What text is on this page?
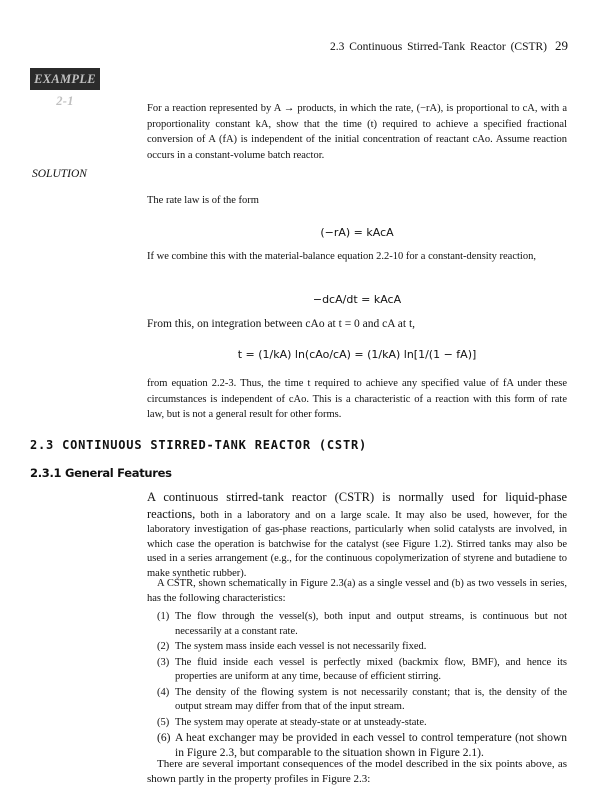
2.3 Continuous Stirred-Tank Reactor (CSTR) 29
EXAMPLE 2-1
For a reaction represented by A → products, in which the rate, (−rA), is proportional to cA, with a proportionality constant kA, show that the time (t) required to achieve a specified fractional conversion of A (fA) is independent of the initial concentration of reactant cAo. Assume reaction occurs in a constant-volume batch reactor.
SOLUTION
The rate law is of the form
(−rA) = kAcA
If we combine this with the material-balance equation 2.2-10 for a constant-density reaction,
−dcA/dt = kAcA
From this, on integration between cAo at t = 0 and cA at t,
t = (1/kA) ln(cAo/cA) = (1/kA) ln[1/(1 − fA)]
from equation 2.2-3. Thus, the time t required to achieve any specified value of fA under these circumstances is independent of cAo. This is a characteristic of a reaction with this form of rate law, but is not a general result for other forms.
2.3 CONTINUOUS STIRRED-TANK REACTOR (CSTR)
2.3.1 General Features
A continuous stirred-tank reactor (CSTR) is normally used for liquid-phase reactions, both in a laboratory and on a large scale. It may also be used, however, for the laboratory investigation of gas-phase reactions, particularly when solid catalysts are involved, in which case the operation is batchwise for the catalyst (see Figure 1.2). Stirred tanks may also be used in a series arrangement (e.g., for the continuous copolymerization of styrene and butadiene to make synthetic rubber).
A CSTR, shown schematically in Figure 2.3(a) as a single vessel and (b) as two vessels in series, has the following characteristics:
(1) The flow through the vessel(s), both input and output streams, is continuous but not necessarily at a constant rate.
(2) The system mass inside each vessel is not necessarily fixed.
(3) The fluid inside each vessel is perfectly mixed (backmix flow, BMF), and hence its properties are uniform at any time, because of efficient stirring.
(4) The density of the flowing system is not necessarily constant; that is, the density of the output stream may differ from that of the input stream.
(5) The system may operate at steady-state or at unsteady-state.
(6) A heat exchanger may be provided in each vessel to control temperature (not shown in Figure 2.3, but comparable to the situation shown in Figure 2.1).
There are several important consequences of the model described in the six points above, as shown partly in the property profiles in Figure 2.3:
